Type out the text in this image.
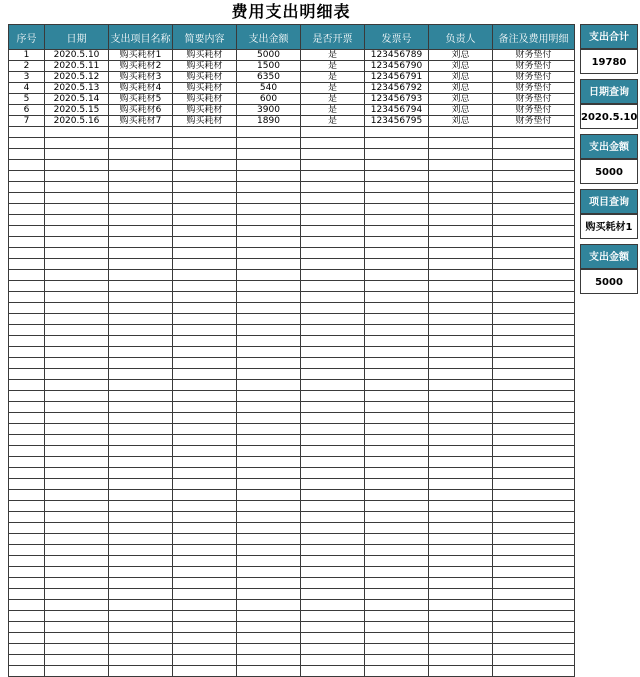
费用支出明细表
序号	日期	支出项目名称	简要内容	支出金额	是否开票	发票号	负责人	备注及费用明细
1	2020.5.10	购买耗材1	购买耗材	5000	是	123456789	刘总	财务垫付
2	2020.5.11	购买耗材2	购买耗材	1500	是	123456790	刘总	财务垫付
3	2020.5.12	购买耗材3	购买耗材	6350	是	123456791	刘总	财务垫付
4	2020.5.13	购买耗材4	购买耗材	540	是	123456792	刘总	财务垫付
5	2020.5.14	购买耗材5	购买耗材	600	是	123456793	刘总	财务垫付
6	2020.5.15	购买耗材6	购买耗材	3900	是	123456794	刘总	财务垫付
7	2020.5.16	购买耗材7	购买耗材	1890	是	123456795	刘总	财务垫付

支出合计
19780
日期查询
2020.5.10
支出金额
5000
项目查询
购买耗材1
支出金额
5000
